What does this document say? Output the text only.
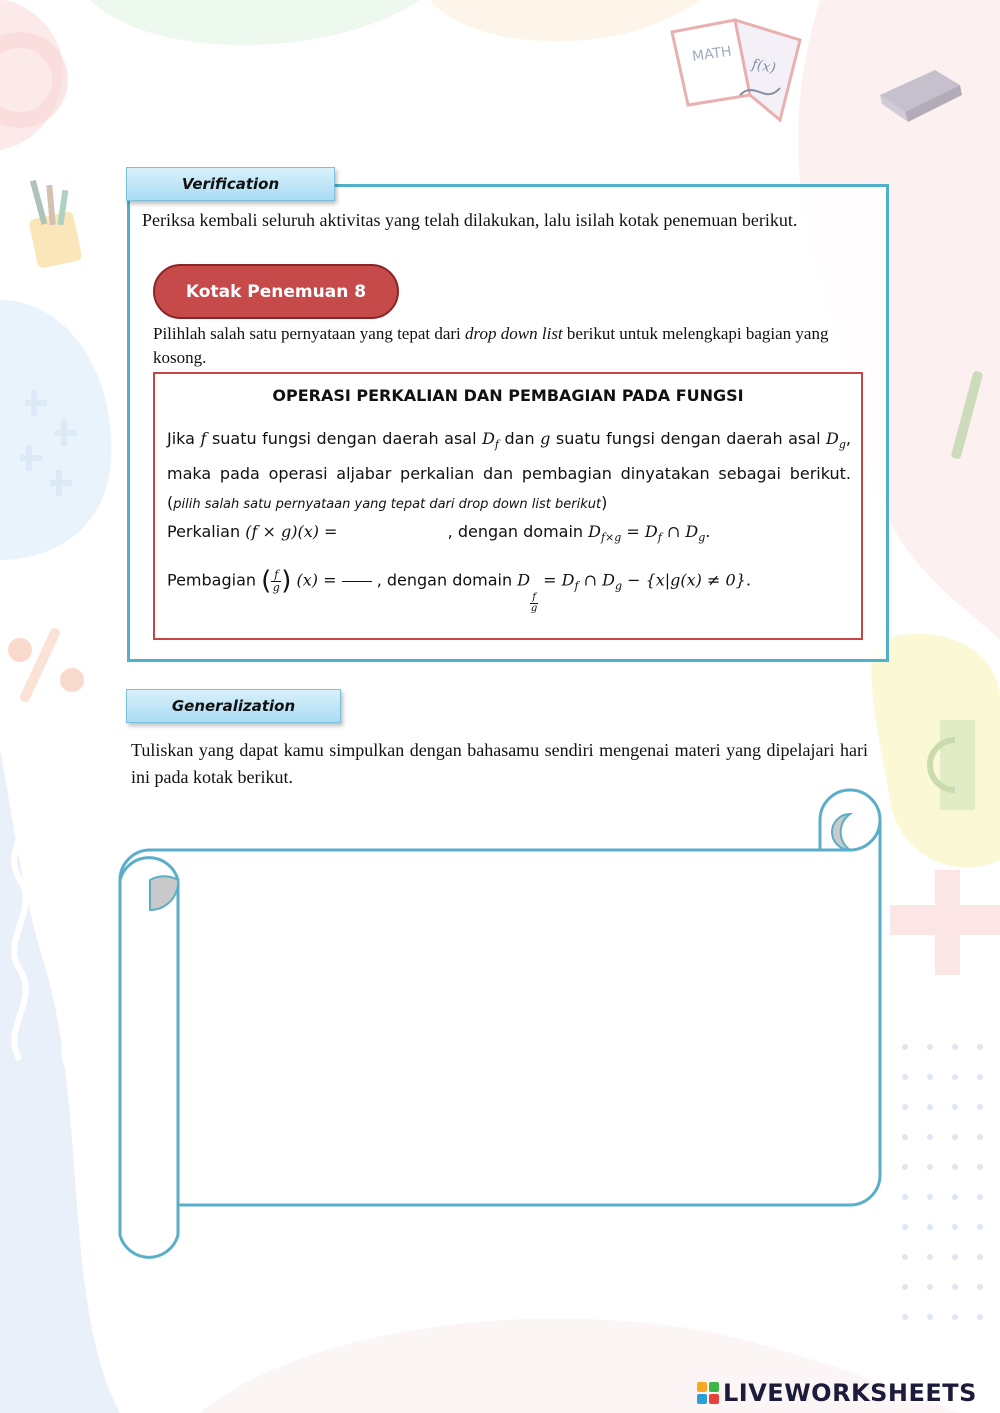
MATH
f(x)
Verification

Periksa kembali seluruh aktivitas yang telah dilakukan, lalu isilah kotak penemuan berikut.

Kotak Penemuan 8

Pilihlah salah satu pernyataan yang tepat dari drop down list berikut untuk melengkapi bagian yang kosong.

OPERASI PERKALIAN DAN PEMBAGIAN PADA FUNGSI
Jika f suatu fungsi dengan daerah asal $D_f$ dan g suatu fungsi dengan daerah asal $D_g$, maka pada operasi aljabar perkalian dan pembagian dinyatakan sebagai berikut. (pilih salah satu pernyataan yang tepat dari drop down list berikut)
Perkalian (f × g)(x) =	, dengan domain $D_{f\times g} = D_f$ ∩ $D_g$.
Pembagian ( $\frac{f}{g}$ ) (x) =	, dengan domain D
$\frac{f}{g}$
= $D_f$ ∩ $D_g - \{x|g(x) \ne 0\}$.
Generalization

Tuliskan yang dapat kamu simpulkan dengan bahasamu sendiri mengenai materi yang dipelajari hari ini pada kotak berikut.

LIVEWORKSHEETS
